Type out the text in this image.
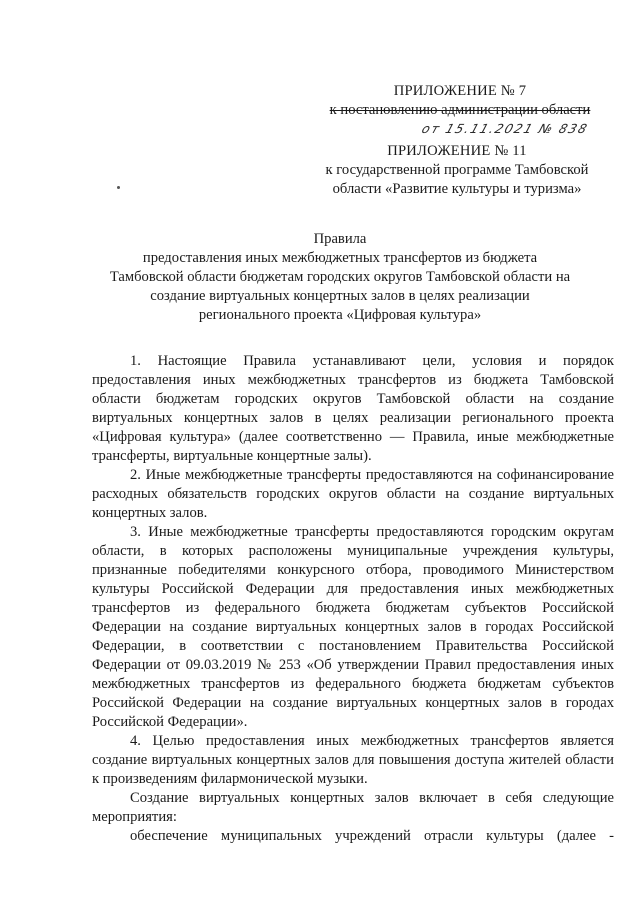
ПРИЛОЖЕНИЕ № 7
к постановлению администрации области
от 15.11.2021 № 838
ПРИЛОЖЕНИЕ № 11
к государственной программе Тамбовской
области «Развитие культуры и туризма»
Правила
предоставления иных межбюджетных трансфертов из бюджета
Тамбовской области бюджетам городских округов Тамбовской области на
создание виртуальных концертных залов в целях реализации
регионального проекта «Цифровая культура»

1. Настоящие Правила устанавливают цели, условия и порядок предоставления иных межбюджетных трансфертов из бюджета Тамбовской области бюджетам городских округов Тамбовской области на создание виртуальных концертных залов в целях реализации регионального проекта «Цифровая культура» (далее соответственно — Правила, иные межбюджетные трансферты, виртуальные концертные залы).

2. Иные межбюджетные трансферты предоставляются на софинансирование расходных обязательств городских округов области на создание виртуальных концертных залов.

3. Иные межбюджетные трансферты предоставляются городским округам области, в которых расположены муниципальные учреждения культуры, признанные победителями конкурсного отбора, проводимого Министерством культуры Российской Федерации для предоставления иных межбюджетных трансфертов из федерального бюджета бюджетам субъектов Российской Федерации на создание виртуальных концертных залов в городах Российской Федерации, в соответствии с постановлением Правительства Российской Федерации от 09.03.2019 № 253 «Об утверждении Правил предоставления иных межбюджетных трансфертов из федерального бюджета бюджетам субъектов Российской Федерации на создание виртуальных концертных залов в городах Российской Федерации».

4. Целью предоставления иных межбюджетных трансфертов является создание виртуальных концертных залов для повышения доступа жителей области к произведениям филармонической музыки.

Создание виртуальных концертных залов включает в себя следующие мероприятия:

обеспечение муниципальных учреждений отрасли культуры (далее -
